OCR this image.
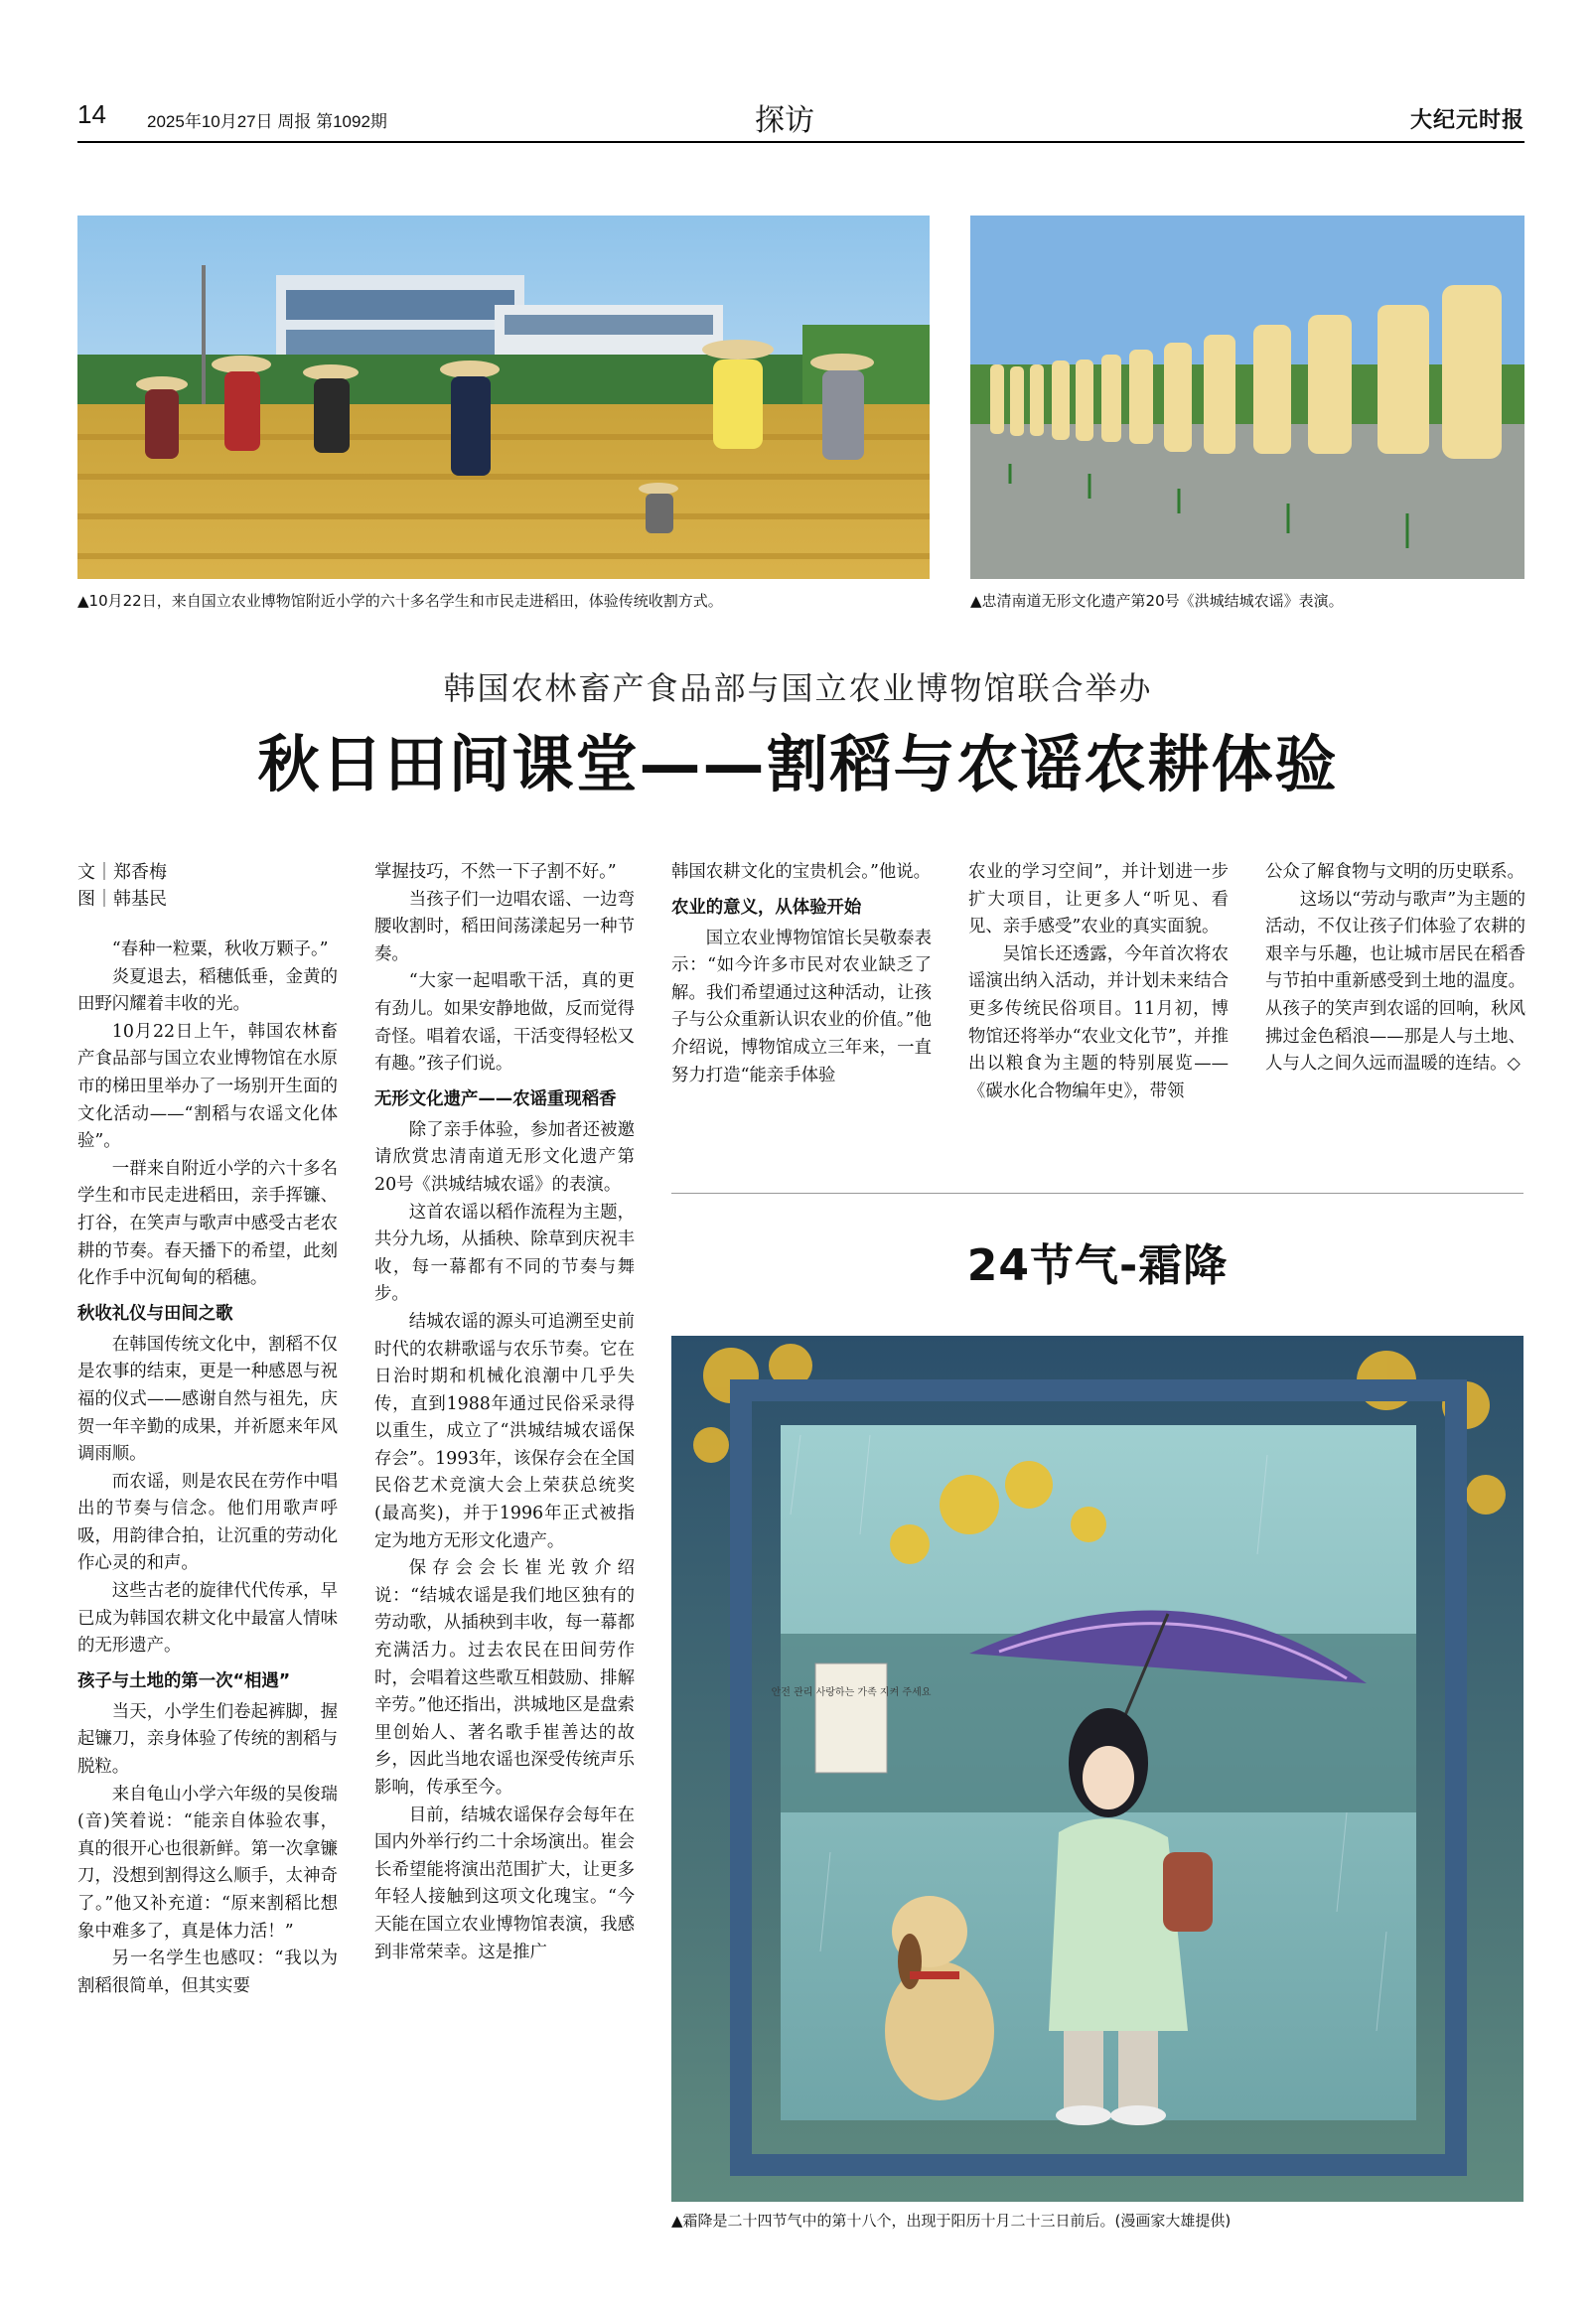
14 2025年10月27日 周报 第1092期	探访	大纪元时报
▲10月22日，来自国立农业博物馆附近小学的六十多名学生和市民走进稻田，体验传统收割方式。	▲忠清南道无形文化遗产第20号《洪城结城农谣》表演。
韩国农林畜产食品部与国立农业博物馆联合举办
秋日田间课堂——割稻与农谣农耕体验
文｜郑香梅
图｜韩基民

“春种一粒粟，秋收万颗子。”

炎夏退去，稻穗低垂，金黄的田野闪耀着丰收的光。

10月22日上午，韩国农林畜产食品部与国立农业博物馆在水原市的梯田里举办了一场别开生面的文化活动——“割稻与农谣文化体验”。

一群来自附近小学的六十多名学生和市民走进稻田，亲手挥镰、打谷，在笑声与歌声中感受古老农耕的节奏。春天播下的希望，此刻化作手中沉甸甸的稻穗。

秋收礼仪与田间之歌

在韩国传统文化中，割稻不仅是农事的结束，更是一种感恩与祝福的仪式——感谢自然与祖先，庆贺一年辛勤的成果，并祈愿来年风调雨顺。

而农谣，则是农民在劳作中唱出的节奏与信念。他们用歌声呼吸，用韵律合拍，让沉重的劳动化作心灵的和声。

这些古老的旋律代代传承，早已成为韩国农耕文化中最富人情味的无形遗产。

孩子与土地的第一次“相遇”

当天，小学生们卷起裤脚，握起镰刀，亲身体验了传统的割稻与脱粒。

来自龟山小学六年级的吴俊瑞(音)笑着说：“能亲自体验农事，真的很开心也很新鲜。第一次拿镰刀，没想到割得这么顺手，太神奇了。”他又补充道：“原来割稻比想象中难多了，真是体力活！”

另一名学生也感叹：“我以为割稻很简单，但其实要

掌握技巧，不然一下子割不好。”

当孩子们一边唱农谣、一边弯腰收割时，稻田间荡漾起另一种节奏。

“大家一起唱歌干活，真的更有劲儿。如果安静地做，反而觉得奇怪。唱着农谣，干活变得轻松又有趣。”孩子们说。

无形文化遗产——农谣重现稻香

除了亲手体验，参加者还被邀请欣赏忠清南道无形文化遗产第20号《洪城结城农谣》的表演。

这首农谣以稻作流程为主题，共分九场，从插秧、除草到庆祝丰收，每一幕都有不同的节奏与舞步。

结城农谣的源头可追溯至史前时代的农耕歌谣与农乐节奏。它在日治时期和机械化浪潮中几乎失传，直到1988年通过民俗采录得以重生，成立了“洪城结城农谣保存会”。1993年，该保存会在全国民俗艺术竞演大会上荣获总统奖(最高奖)，并于1996年正式被指定为地方无形文化遗产。

保存会会长崔光敦介绍说：“结城农谣是我们地区独有的劳动歌，从插秧到丰收，每一幕都充满活力。过去农民在田间劳作时，会唱着这些歌互相鼓励、排解辛劳。”他还指出，洪城地区是盘索里创始人、著名歌手崔善达的故乡，因此当地农谣也深受传统声乐影响，传承至今。

目前，结城农谣保存会每年在国内外举行约二十余场演出。崔会长希望能将演出范围扩大，让更多年轻人接触到这项文化瑰宝。“今天能在国立农业博物馆表演，我感到非常荣幸。这是推广

韩国农耕文化的宝贵机会。”他说。

农业的意义，从体验开始

国立农业博物馆馆长吴敬泰表示：“如今许多市民对农业缺乏了解。我们希望通过这种活动，让孩子与公众重新认识农业的价值。”他介绍说，博物馆成立三年来，一直努力打造“能亲手体验

农业的学习空间”，并计划进一步扩大项目，让更多人“听见、看见、亲手感受”农业的真实面貌。

吴馆长还透露，今年首次将农谣演出纳入活动，并计划未来结合更多传统民俗项目。11月初，博物馆还将举办“农业文化节”，并推出以粮食为主题的特别展览——《碳水化合物编年史》，带领

公众了解食物与文明的历史联系。

这场以“劳动与歌声”为主题的活动，不仅让孩子们体验了农耕的艰辛与乐趣，也让城市居民在稻香与节拍中重新感受到土地的温度。从孩子的笑声到农谣的回响，秋风拂过金色稻浪——那是人与土地、人与人之间久远而温暖的连结。◇

24节气-霜降
안전 관리 사랑하는 가족 지켜 주세요
▲霜降是二十四节气中的第十八个，出现于阳历十月二十三日前后。(漫画家大雄提供)
